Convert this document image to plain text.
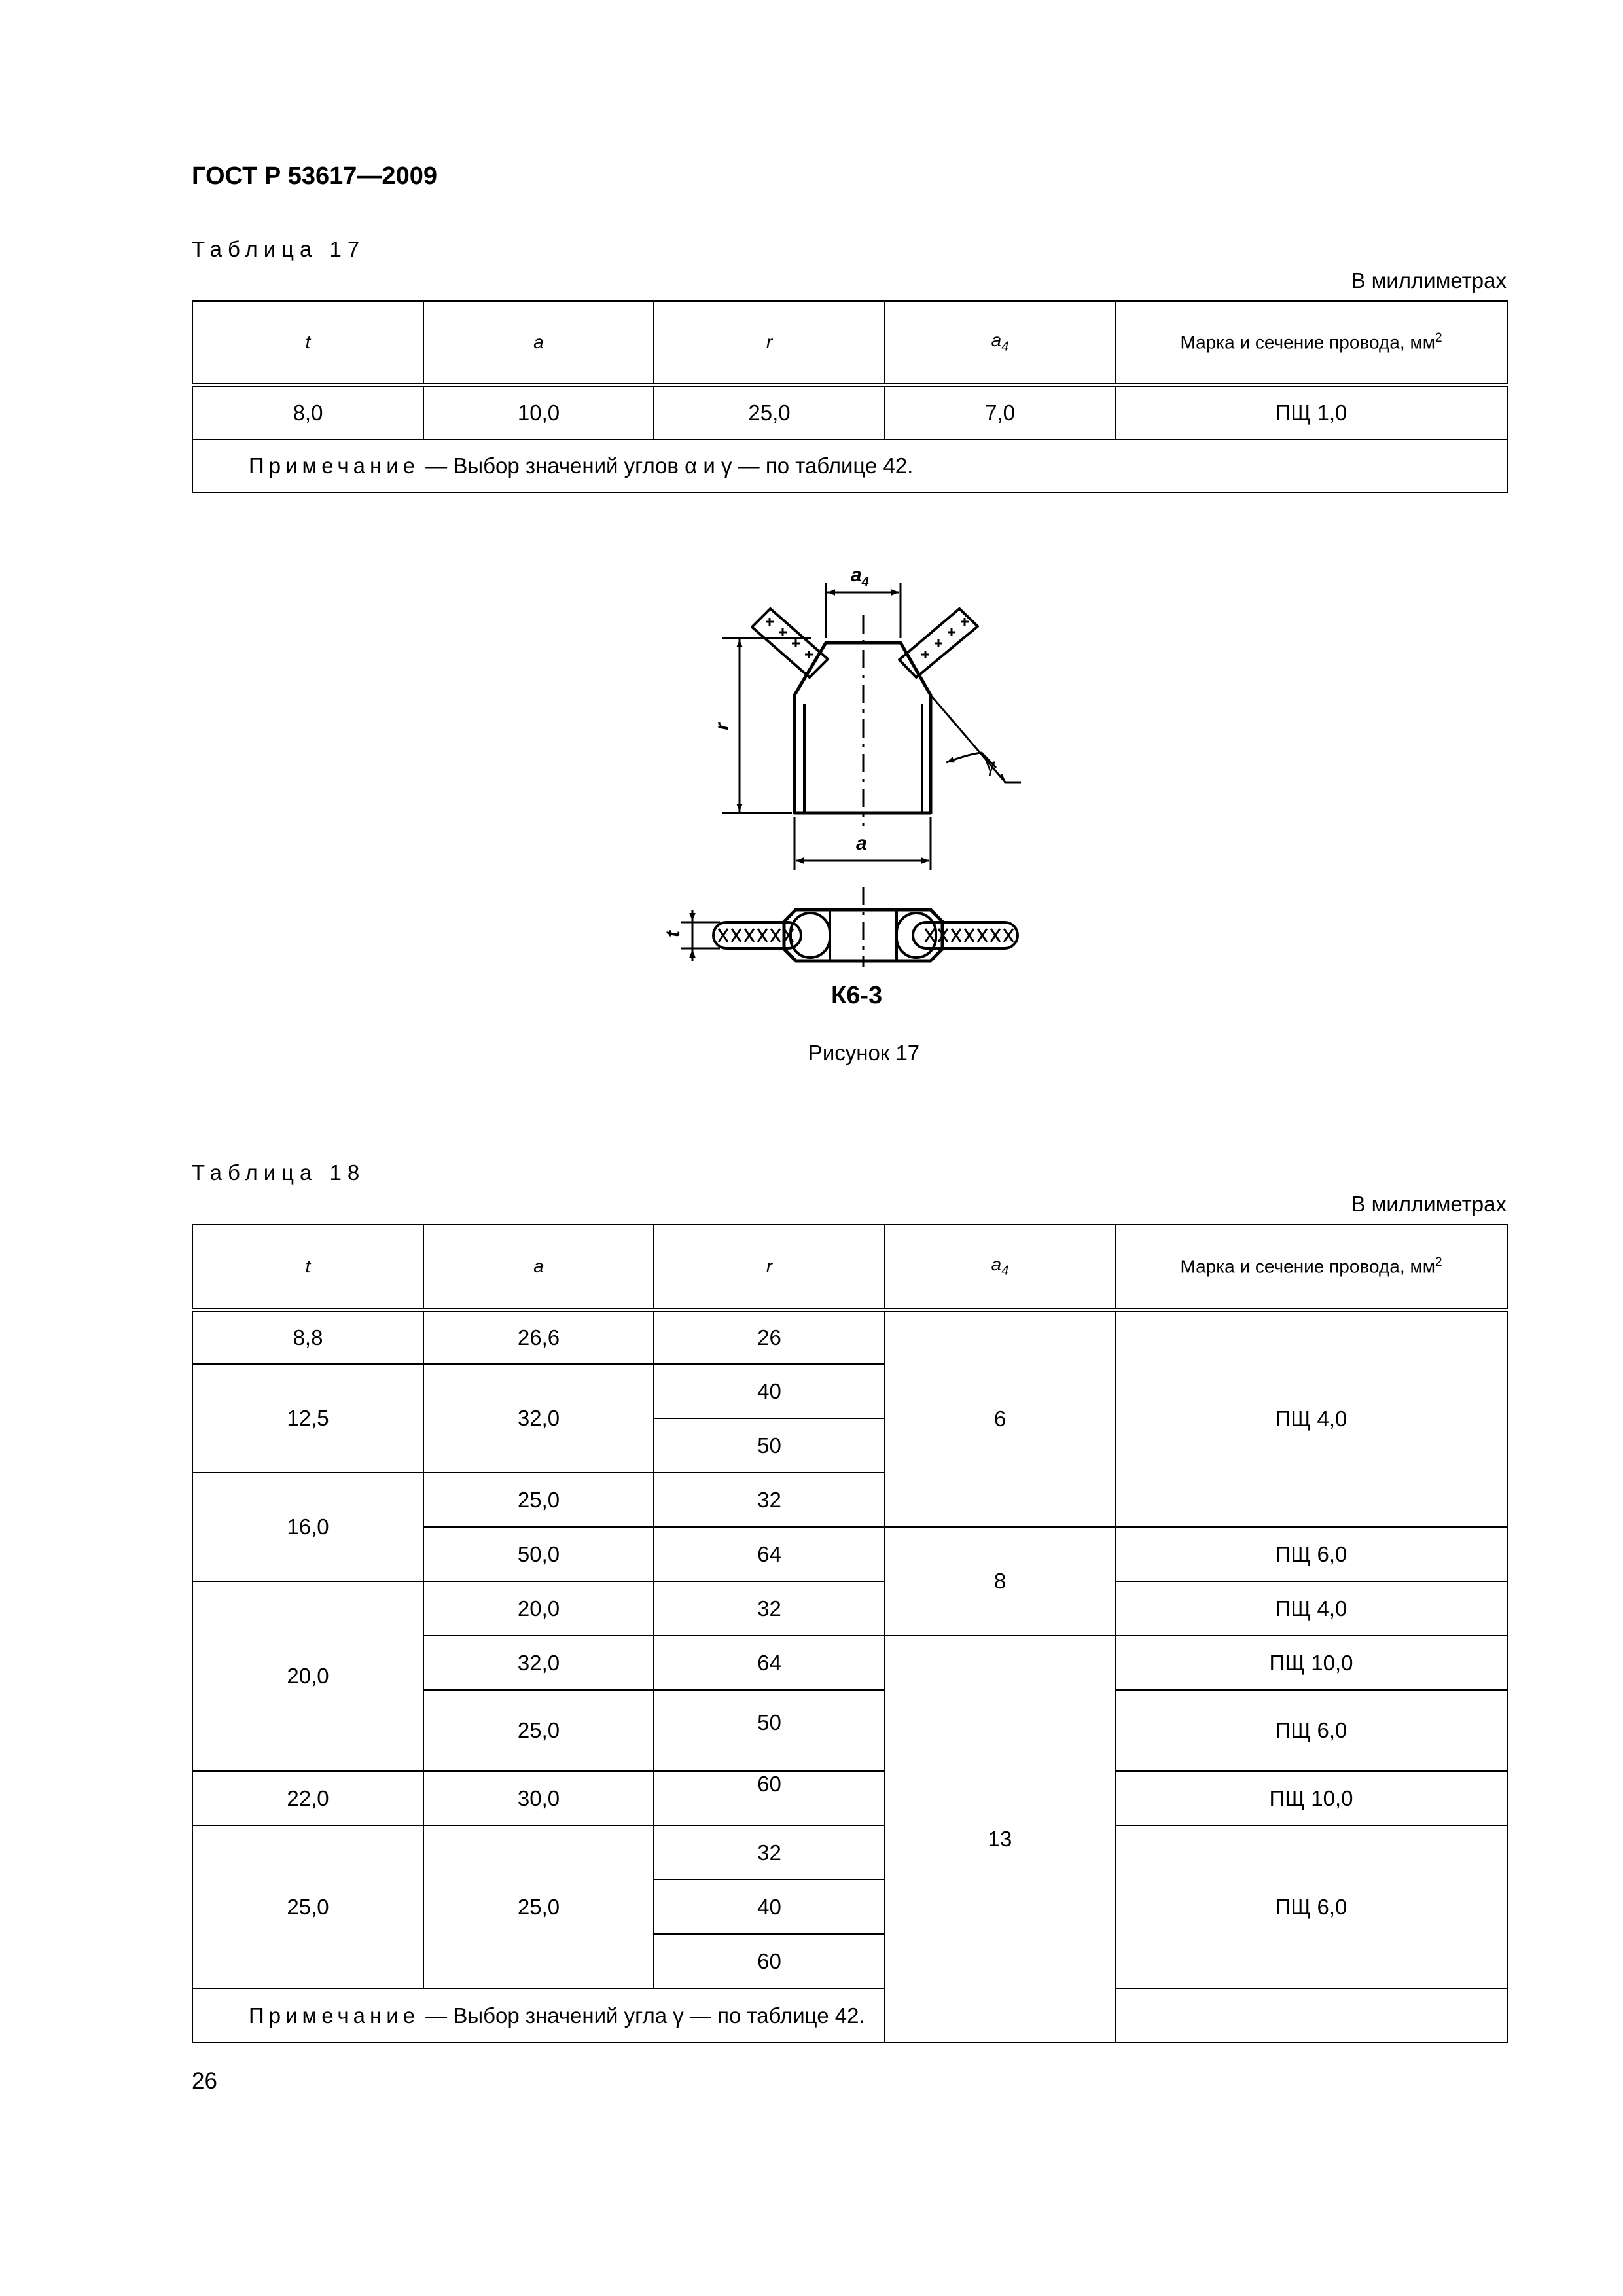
ГОСТ Р 53617—2009
Таблица 17
В миллиметрах
t	a	r	$a_4$	Марка и сечение провода, $мм^2$
8,0	10,0	25,0	7,0	ПЩ 1,0
Примечание — Выбор значений углов α и γ — по таблице 42.				
$a_4$
r
a
γ
t
К6-3
Рисунок 17
Таблица 18
В миллиметрах
t	a	r	$a_4$	Марка и сечение провода, $мм^2$
8,8	26,6	26	6	ПЩ 4,0
12,5	32,0	40		
		50		
16,0	25,0	32		
	50,0	64	8	ПЩ 6,0
20,0	20,0	32		ПЩ 4,0
	32,0	64	13	ПЩ 10,0
	25,0	50		ПЩ 6,0
22,0	30,0	60		ПЩ 10,0
25,0	25,0	32		ПЩ 6,0
		40		
		60		
Примечание — Выбор значений угла γ — по таблице 42.				
26
